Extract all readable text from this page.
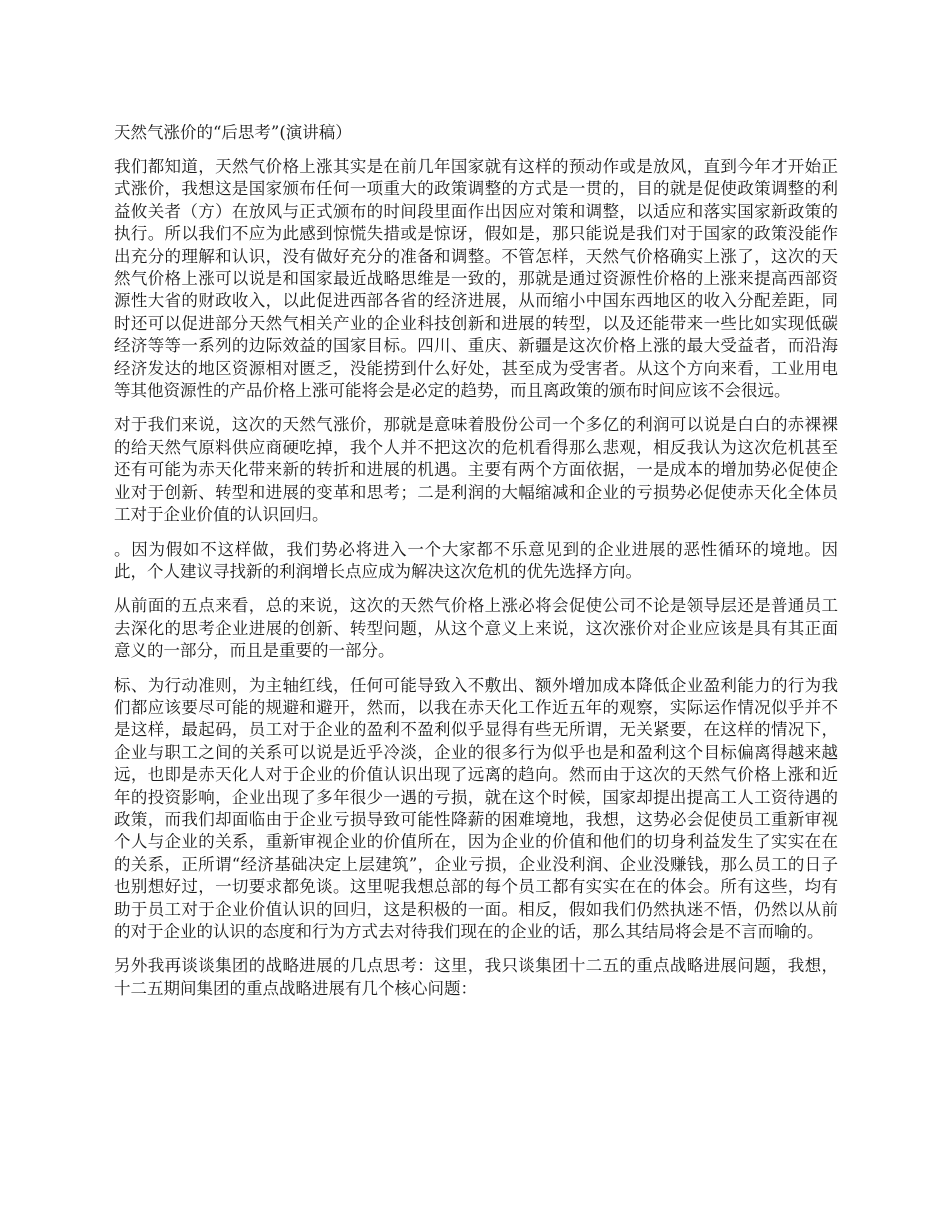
天然气涨价的“后思考”(演讲稿）

我们都知道，天然气价格上涨其实是在前几年国家就有这样的预动作或是放风，直到今年才开始正式涨价，我想这是国家颁布任何一项重大的政策调整的方式是一贯的，目的就是促使政策调整的利益攸关者（方）在放风与正式颁布的时间段里面作出因应对策和调整，以适应和落实国家新政策的执行。所以我们不应为此感到惊慌失措或是惊讶，假如是，那只能说是我们对于国家的政策没能作出充分的理解和认识，没有做好充分的准备和调整。不管怎样，天然气价格确实上涨了，这次的天然气价格上涨可以说是和国家最近战略思维是一致的，那就是通过资源性价格的上涨来提高西部资源性大省的财政收入，以此促进西部各省的经济进展，从而缩小中国东西地区的收入分配差距，同时还可以促进部分天然气相关产业的企业科技创新和进展的转型，以及还能带来一些比如实现低碳经济等等一系列的边际效益的国家目标。四川、重庆、新疆是这次价格上涨的最大受益者，而沿海经济发达的地区资源相对匮乏，没能捞到什么好处，甚至成为受害者。从这个方向来看，工业用电等其他资源性的产品价格上涨可能将会是必定的趋势，而且离政策的颁布时间应该不会很远。

对于我们来说，这次的天然气涨价，那就是意味着股份公司一个多亿的利润可以说是白白的赤裸裸的给天然气原料供应商硬吃掉，我个人并不把这次的危机看得那么悲观，相反我认为这次危机甚至还有可能为赤天化带来新的转折和进展的机遇。主要有两个方面依据，一是成本的增加势必促使企业对于创新、转型和进展的变革和思考；二是利润的大幅缩减和企业的亏损势必促使赤天化全体员工对于企业价值的认识回归。

。因为假如不这样做，我们势必将进入一个大家都不乐意见到的企业进展的恶性循环的境地。因此，个人建议寻找新的利润增长点应成为解决这次危机的优先选择方向。

从前面的五点来看，总的来说，这次的天然气价格上涨必将会促使公司不论是领导层还是普通员工去深化的思考企业进展的创新、转型问题，从这个意义上来说，这次涨价对企业应该是具有其正面意义的一部分，而且是重要的一部分。

标、为行动准则，为主轴红线，任何可能导致入不敷出、额外增加成本降低企业盈利能力的行为我们都应该要尽可能的规避和避开，然而，以我在赤天化工作近五年的观察，实际运作情况似乎并不是这样，最起码，员工对于企业的盈利不盈利似乎显得有些无所谓，无关紧要，在这样的情况下，企业与职工之间的关系可以说是近乎冷淡，企业的很多行为似乎也是和盈利这个目标偏离得越来越远，也即是赤天化人对于企业的价值认识出现了远离的趋向。然而由于这次的天然气价格上涨和近年的投资影响，企业出现了多年很少一遇的亏损，就在这个时候，国家却提出提高工人工资待遇的政策，而我们却面临由于企业亏损导致可能性降薪的困难境地，我想，这势必会促使员工重新审视个人与企业的关系，重新审视企业的价值所在，因为企业的价值和他们的切身利益发生了实实在在的关系，正所谓“经济基础决定上层建筑”，企业亏损，企业没利润、企业没赚钱，那么员工的日子也别想好过，一切要求都免谈。这里呢我想总部的每个员工都有实实在在的体会。所有这些，均有助于员工对于企业价值认识的回归，这是积极的一面。相反，假如我们仍然执迷不悟，仍然以从前的对于企业的认识的态度和行为方式去对待我们现在的企业的话，那么其结局将会是不言而喻的。

另外我再谈谈集团的战略进展的几点思考：这里，我只谈集团十二五的重点战略进展问题，我想，十二五期间集团的重点战略进展有几个核心问题：
